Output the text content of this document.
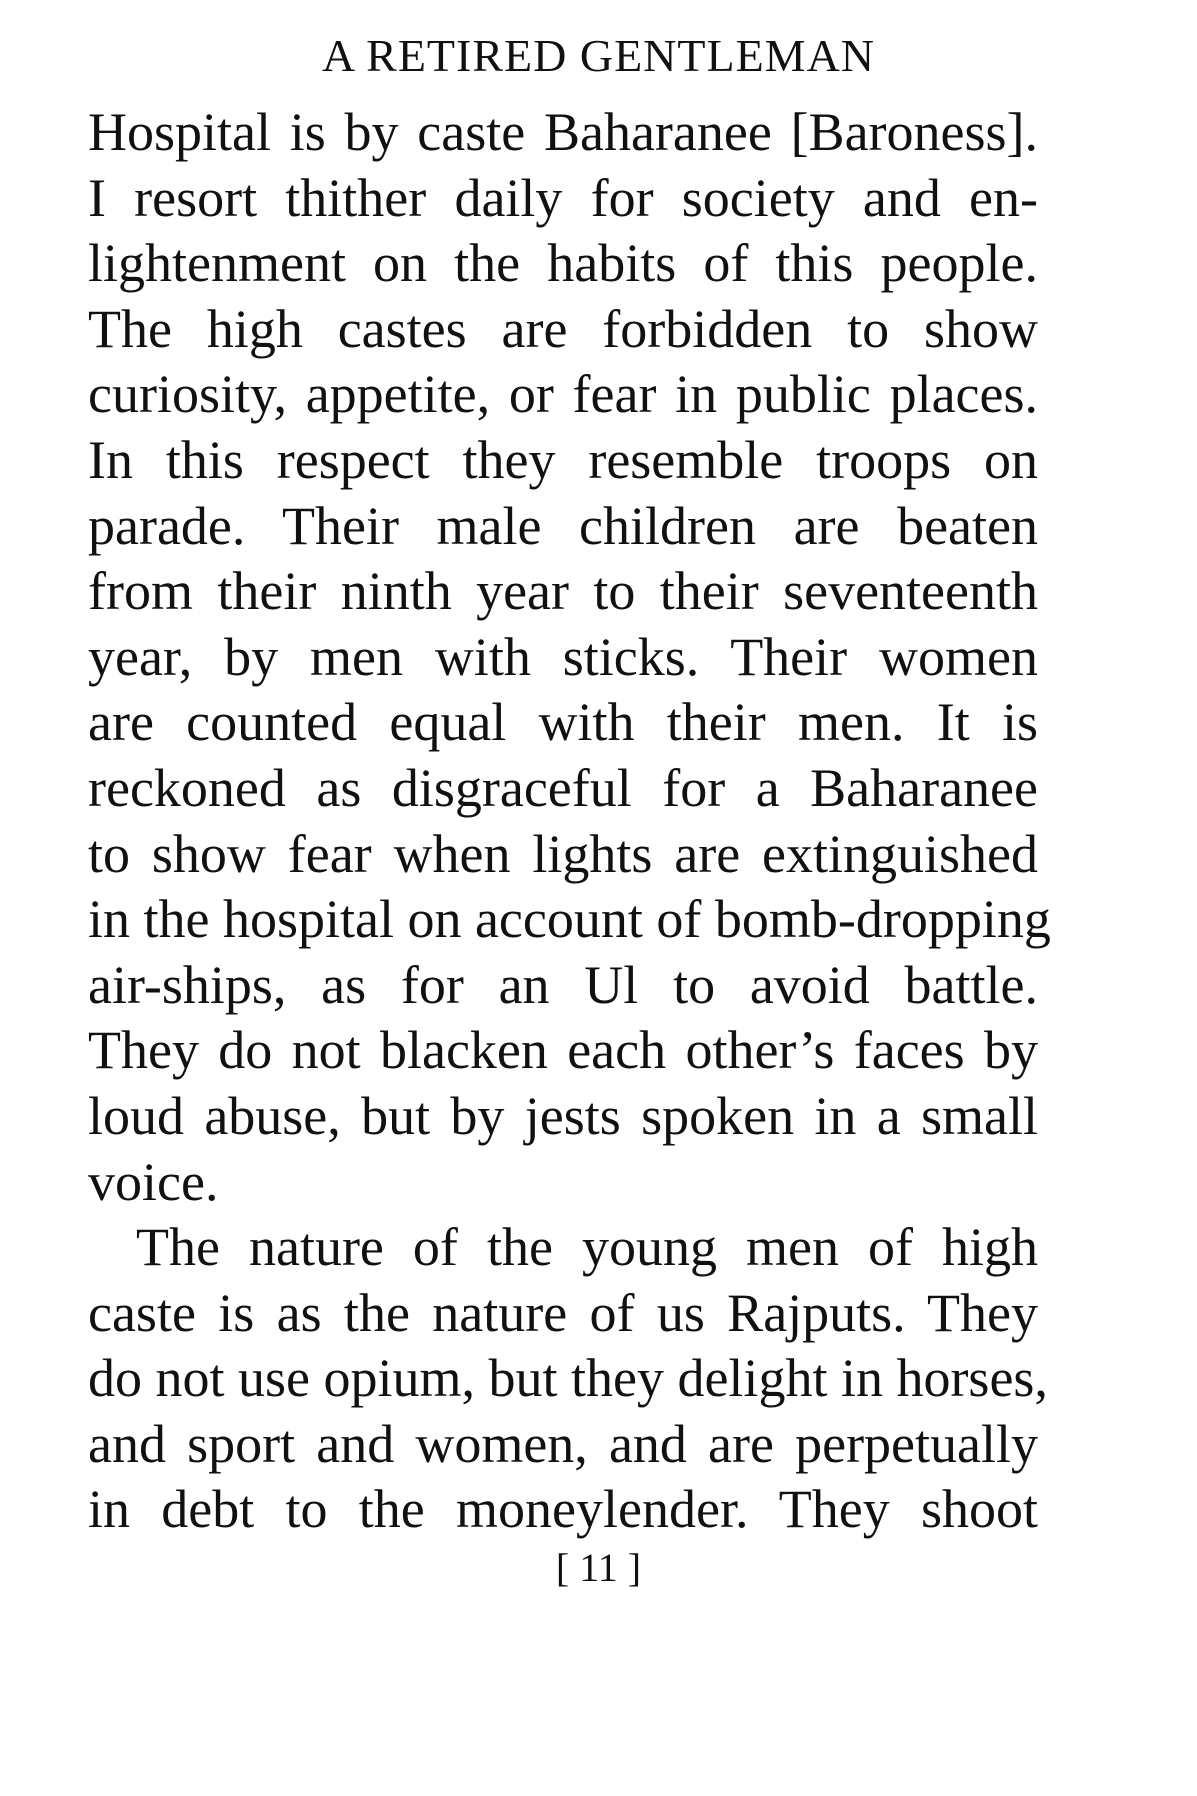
A RETIRED GENTLEMAN
Hospital is by caste Baharanee [Baroness].
I resort thither daily for society and en-
lightenment on the habits of this people.
The high castes are forbidden to show
curiosity, appetite, or fear in public places.
In this respect they resemble troops on
parade. Their male children are beaten
from their ninth year to their seventeenth
year, by men with sticks. Their women
are counted equal with their men. It is
reckoned as disgraceful for a Baharanee
to show fear when lights are extinguished
in the hospital on account of bomb-dropping
air-ships, as for an Ul to avoid battle.
They do not blacken each other’s faces by
loud abuse, but by jests spoken in a small
voice.
The nature of the young men of high
caste is as the nature of us Rajputs. They
do not use opium, but they delight in horses,
and sport and women, and are perpetually
in debt to the moneylender. They shoot
[ 11 ]
